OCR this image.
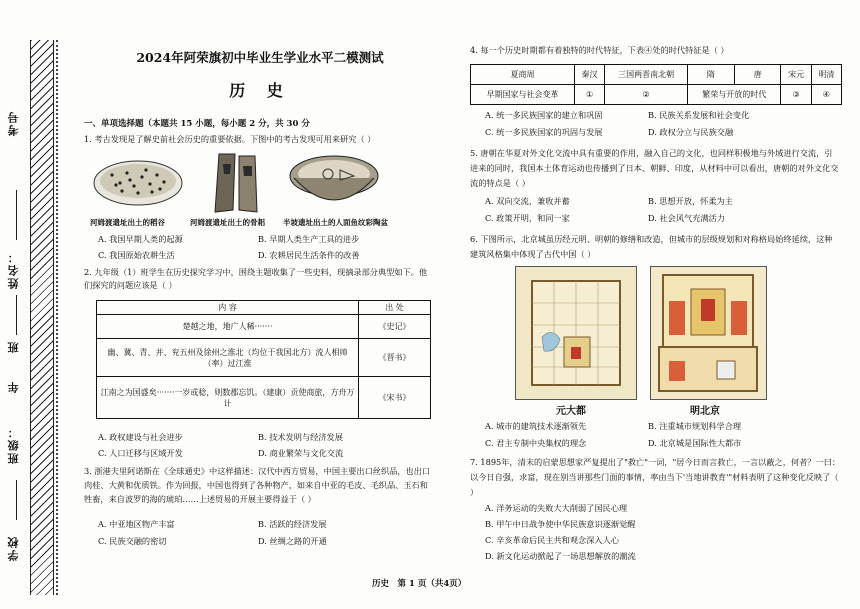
考号
姓名：
班
年
班级：
学校
2024年阿荣旗初中毕业生学业水平二模测试
历 史
一、单项选择题（本题共 15 小题，每小题 2 分，共 30 分

1. 考古发现是了解史前社会历史的重要依据。下图中的考古发现可用来研究（ ）

河姆渡遗址出土的稻谷	河姆渡遗址出土的骨耜 半坡遗址出土的人面鱼纹彩陶盆
A. 我国早期人类的起源	B. 早期人类生产工具的进步
C. 我国原始农耕生活	D. 农耕居民生活条件的改善

2. 九年级（1）班学生在历史探究学习中，围绕主题收集了一些史料，现摘录部分典型如下。他们探究的问题应该是（ ）

内 容	出 处
楚越之地，地广人稀·······	《史记》
幽、冀、青、并、兖五州及徐州之淮北（均位于我国北方）流人相帅（率）过江淮	《晋书》
江南之为国盛矣·······一岁或稔，则数郡忘饥。（建康）贡使商旅，方舟万计	《宋书》
A. 政权建设与社会进步	B. 技术发明与经济发展
C. 人口迁移与区域开发	D. 商业繁荣与文化交流

3. 浙港夫里阿诺斯在《全球通史》中这样描述：汉代中西方贸易，中国主要出口丝织品，也出口肉桂、大黄和优质铁。作为回报，中国也得到了各种物产，如来自中亚的毛皮、毛织品、玉石和牲畜，来自波罗的海的琥珀……上述贸易的开展主要得益于（ ）

A. 中亚地区物产丰富	B. 活跃的经济发展
C. 民族交融的密切	D. 丝绸之路的开通

4. 每一个历史时期都有着独特的时代特征，下表④处的时代特征是（ ）

夏商周	秦汉	三国两晋南北朝	隋	唐	宋元	明清
早期国家与社会变革	①	②	繁荣与开放的时代		③	④
A. 统一多民族国家的建立和巩固	B. 民族关系发展和社会变化
C. 统一多民族国家的巩固与发展	D. 政权分立与民族交融

5. 唐朝在华夏对外文化交流中具有重要的作用，融入自己的文化，也同样积极地与外域进行交流，引进来的同时，我国本土体育运动也传播到了日本、朝鲜、印度，从材料中可以看出，唐朝的对外文化交流的特点是（ ）

A. 双向交流，兼收并蓄	B. 思想开放，怀柔为主
C. 政策开明，和同一家	D. 社会风气充满活力

6. 下图所示，北京城虽历经元明、明朝的修缮和改造，但城市的层级规划和对称格局始终延续，这种建筑风格集中体现了古代中国（ ）

元大都	明北京
A. 城市的建筑技术逐渐领先	B. 注重城市规划科学合理
C. 君主专制中央集权的理念	D. 北京城是国际性大都市

7. 1895年，清末的启蒙思想家严复提出了"救亡"一词，"居今日而言救亡，一言以蔽之，何者？一曰：以今日自强，求富，现在别当讲那些门面的事情，率由当下'当地讲教育'"材料表明了这种变化反映了（ ）

A. 洋务运动的失败大大削弱了国民心理
B. 甲午中日战争使中华民族意识逐渐觉醒
C. 辛亥革命后民主共和观念深入人心
D. 新文化运动掀起了一场思想解放的潮流
历史　第 1 页（共4页）
